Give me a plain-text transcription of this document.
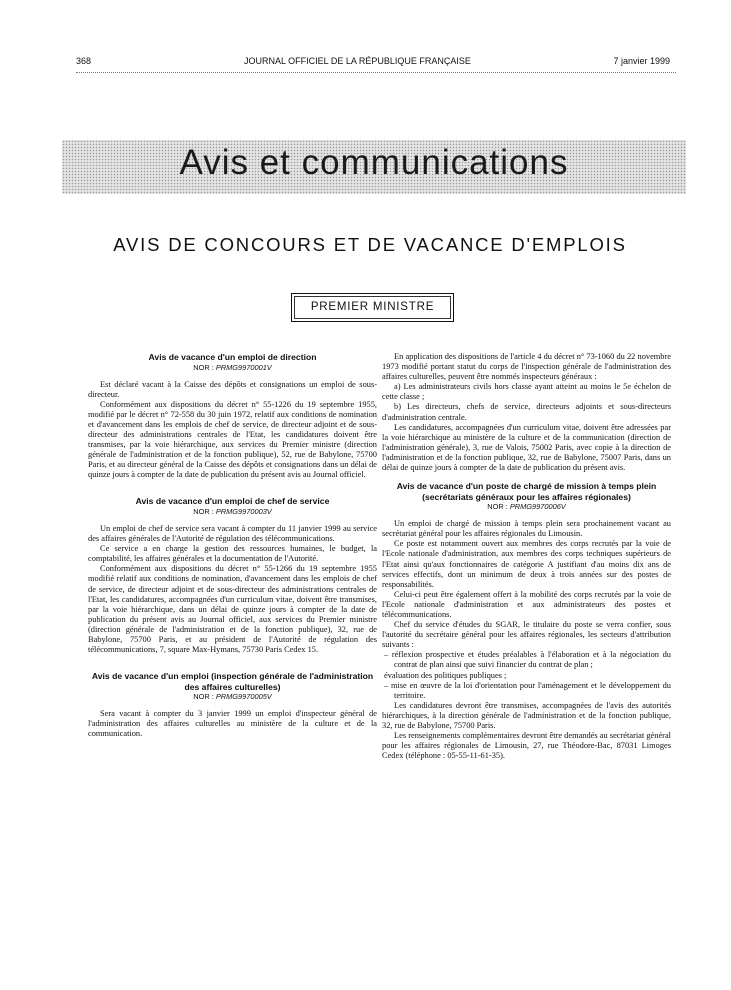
368	JOURNAL OFFICIEL DE LA RÉPUBLIQUE FRANÇAISE	7 janvier 1999
Avis et communications
AVIS DE CONCOURS ET DE VACANCE D'EMPLOIS
PREMIER MINISTRE
Avis de vacance d'un emploi de direction
NOR : PRMG9970001V

Est déclaré vacant à la Caisse des dépôts et consignations un emploi de sous-directeur.

Conformément aux dispositions du décret n° 55-1226 du 19 septembre 1955, modifié par le décret n° 72-558 du 30 juin 1972, relatif aux conditions de nomination et d'avancement dans les emplois de chef de service, de directeur adjoint et de sous-directeur des administrations centrales de l'Etat, les candidatures doivent être transmises, par la voie hiérarchique, aux services du Premier ministre (direction générale de l'administration et de la fonction publique), 52, rue de Babylone, 75700 Paris, et au directeur général de la Caisse des dépôts et consignations dans un délai de quinze jours à compter de la date de publication du présent avis au Journal officiel.

Avis de vacance d'un emploi de chef de service
NOR : PRMG9970003V

Un emploi de chef de service sera vacant à compter du 11 janvier 1999 au service des affaires générales de l'Autorité de régulation des télécommunications.

Ce service a en charge la gestion des ressources humaines, le budget, la comptabilité, les affaires générales et la documentation de l'Autorité.

Conformément aux dispositions du décret n° 55-1266 du 19 septembre 1955 modifié relatif aux conditions de nomination, d'avancement dans les emplois de chef de service, de directeur adjoint et de sous-directeur des administrations centrales de l'Etat, les candidatures, accompagnées d'un curriculum vitae, doivent être transmises, par la voie hiérarchique, dans un délai de quinze jours à compter de la date de publication du présent avis au Journal officiel, aux services du Premier ministre (direction générale de l'administration et de la fonction publique), 32, rue de Babylone, 75700 Paris, et au président de l'Autorité de régulation des télécommunications, 7, square Max-Hymans, 75730 Paris Cedex 15.

Avis de vacance d'un emploi (inspection générale de l'administration des affaires culturelles)
NOR : PRMG9970005V

Sera vacant à compter du 3 janvier 1999 un emploi d'inspecteur général de l'administration des affaires culturelles au ministère de la culture et de la communication.

En application des dispositions de l'article 4 du décret n° 73-1060 du 22 novembre 1973 modifié portant statut du corps de l'inspection générale de l'administration des affaires culturelles, peuvent être nommés inspecteurs généraux :

a) Les administrateurs civils hors classe ayant atteint au moins le 5e échelon de cette classe ;

b) Les directeurs, chefs de service, directeurs adjoints et sous-directeurs d'administration centrale.

Les candidatures, accompagnées d'un curriculum vitae, doivent être adressées par la voie hiérarchique au ministère de la culture et de la communication (direction de l'administration générale), 3, rue de Valois, 75002 Paris, avec copie à la direction de l'administration et de la fonction publique, 32, rue de Babylone, 75007 Paris, dans un délai de quinze jours à compter de la date de publication du présent avis.

Avis de vacance d'un poste de chargé de mission à temps plein (secrétariats généraux pour les affaires régionales)
NOR : PRMG9970006V

Un emploi de chargé de mission à temps plein sera prochainement vacant au secrétariat général pour les affaires régionales du Limousin.

Ce poste est notamment ouvert aux membres des corps recrutés par la voie de l'Ecole nationale d'administration, aux membres des corps techniques supérieurs de l'Etat ainsi qu'aux fonctionnaires de catégorie A justifiant d'au moins dix ans de services effectifs, dont un minimum de deux à trois années sur des postes de responsabilités.

Celui-ci peut être également offert à la mobilité des corps recrutés par la voie de l'Ecole nationale d'administration et aux administrateurs des postes et télécommunications.

Chef du service d'études du SGAR, le titulaire du poste se verra confier, sous l'autorité du secrétaire général pour les affaires régionales, les secteurs d'attribution suivants :

– réflexion prospective et études préalables à l'élaboration et à la négociation du contrat de plan ainsi que suivi financier du contrat de plan ;

évaluation des politiques publiques ;

– mise en œuvre de la loi d'orientation pour l'aménagement et le développement du territoire.

Les candidatures devront être transmises, accompagnées de l'avis des autorités hiérarchiques, à la direction générale de l'administration et de la fonction publique, 32, rue de Babylone, 75700 Paris.

Les renseignements complémentaires devront être demandés au secrétariat général pour les affaires régionales de Limousin, 27, rue Théodore-Bac, 87031 Limoges Cedex (téléphone : 05-55-11-61-35).
